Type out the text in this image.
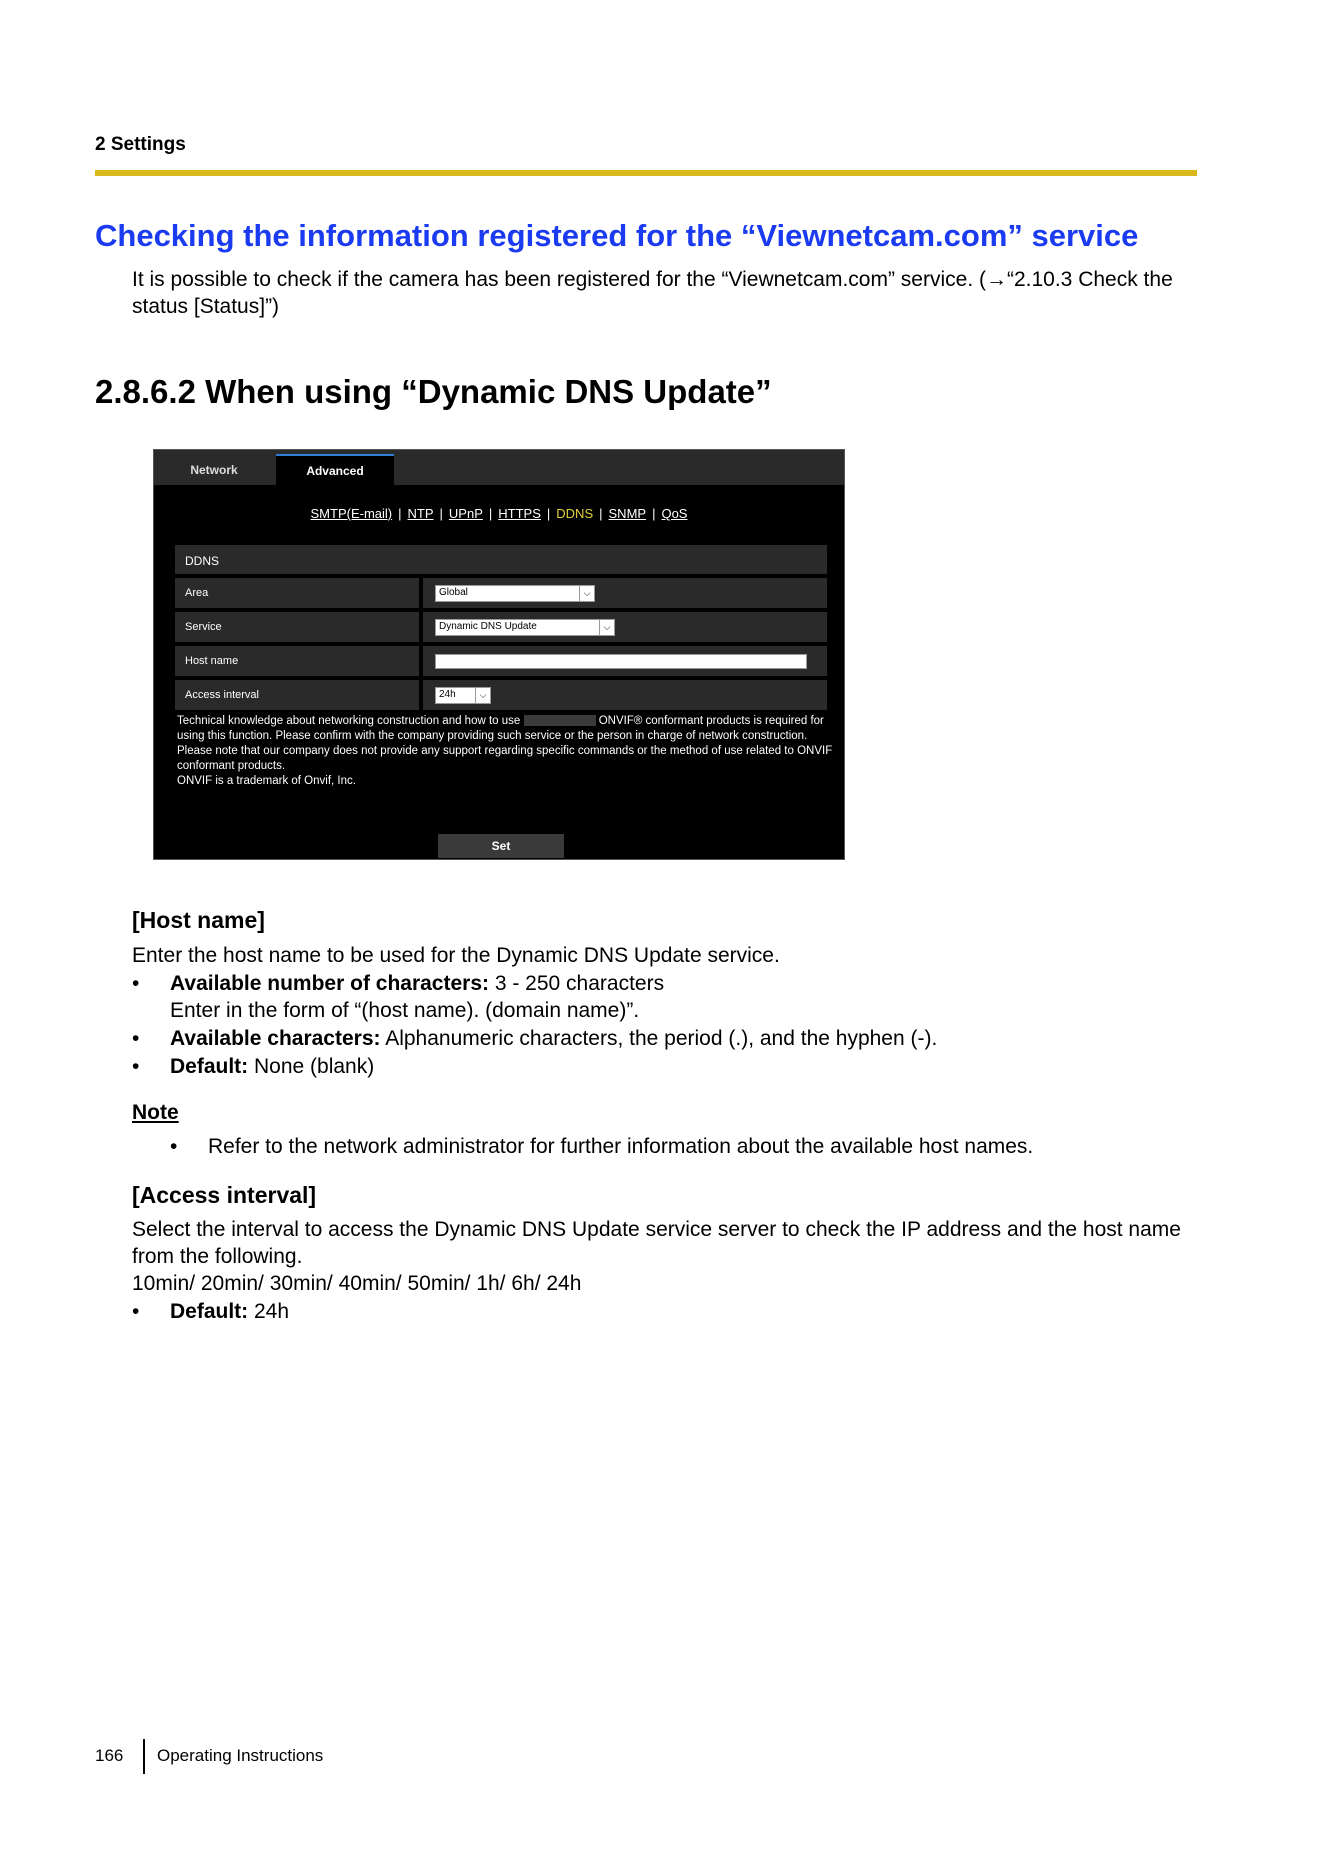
2 Settings
Checking the information registered for the “Viewnetcam.com” service
It is possible to check if the camera has been registered for the “Viewnetcam.com” service. (→“2.10.3 Check the status [Status]”)
2.8.6.2 When using “Dynamic DNS Update”
Network	Advanced
SMTP(E-mail) | NTP | UPnP | HTTPS | DDNS | SNMP | QoS
DDNS
Area	Global	⌵
Service	Dynamic DNS Update	⌵
Host name
Access interval	24h	⌵
Technical knowledge about networking construction and how to use	ONVIF® conformant products is required for using this function. Please confirm with the company providing such service or the person in charge of network construction.
Please note that our company does not provide any support regarding specific commands or the method of use related to ONVIF conformant products.
ONVIF is a trademark of Onvif, Inc.
Set
[Host name]
Enter the host name to be used for the Dynamic DNS Update service.
• Available number of characters: 3 - 250 characters
Enter in the form of “(host name). (domain name)”.
• Available characters: Alphanumeric characters, the period (.), and the hyphen (-).
• Default: None (blank)
Note
• Refer to the network administrator for further information about the available host names.
[Access interval]
Select the interval to access the Dynamic DNS Update service server to check the IP address and the host name from the following.
10min/ 20min/ 30min/ 40min/ 50min/ 1h/ 6h/ 24h
• Default: 24h
166 Operating Instructions
